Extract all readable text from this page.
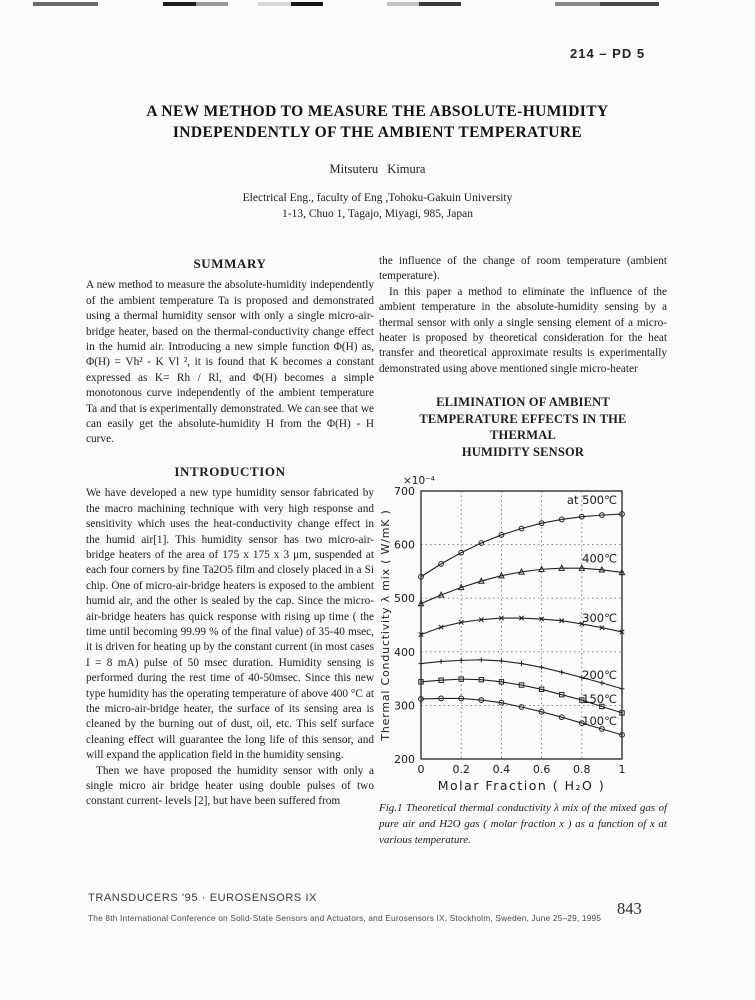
214 – PD 5
A NEW METHOD TO MEASURE THE ABSOLUTE-HUMIDITY
INDEPENDENTLY OF THE AMBIENT TEMPERATURE
Mitsuteru Kimura
Electrical Eng., faculty of Eng ,Tohoku-Gakuin University
1-13, Chuo 1, Tagajo, Miyagi, 985, Japan
SUMMARY

A new method to measure the absolute-humidity independently of the ambient temperature Ta is proposed and demonstrated using a thermal humidity sensor with only a single micro-air- bridge heater, based on the thermal-conductivity change effect in the humid air. Introducing a new simple function Φ(H) as, Φ(H) = Vh² - K Vl ², it is found that K becomes a constant expressed as K= Rh / Rl, and Φ(H) becomes a simple monotonous curve independently of the ambient temperature Ta and that is experimentally demonstrated. We can see that we can easily get the absolute-humidity H from the Φ(H) - H curve.

INTRODUCTION

We have developed a new type humidity sensor fabricated by the macro machining technique with very high response and sensitivity which uses the heat-conductivity change effect in the humid air[1]. This humidity sensor has two micro-air-bridge heaters of the area of 175 x 175 x 3 μm, suspended at each four corners by fine Ta2O5 film and closely placed in a Si chip. One of micro-air-bridge heaters is exposed to the ambient humid air, and the other is sealed by the cap. Since the micro-air-bridge heaters has quick response with rising up time ( the time until becoming 99.99 % of the final value) of 35-40 msec, it is driven for heating up by the constant current (in most cases I = 8 mA) pulse of 50 msec duration. Humidity sensing is performed during the rest time of 40-50msec. Since this new type humidity has the operating temperature of above 400 °C at the micro-air-bridge heater, the surface of its sensing area is cleaned by the burning out of dust, oil, etc. This self surface cleaning effect will guarantee the long life of this sensor, and will expand the application field in the humidity sensing.

Then we have proposed the humidity sensor with only a single micro air bridge heater using double pulses of two constant current- levels [2], but have been suffered from

the influence of the change of room temperature (ambient temperature).

In this paper a method to eliminate the influence of the ambient temperature in the absolute-humidity sensing by a thermal sensor with only a single sensing element of a micro-heater is proposed by theoretical consideration for the heat transfer and theoretical approximate results is experimentally demonstrated using above mentioned single micro-heater

ELIMINATION OF AMBIENT
TEMPERATURE EFFECTS IN THE THERMAL
HUMIDITY SENSOR
200
300
400
500
600
700
0	0.2 0.4 0.6 0.8	1
×10⁻⁴
Molar Fraction ( H₂O )
Thermal Conductivity λ mix ( W/mK )
at 500℃
400℃
300℃
200℃
150℃
100℃

Fig.1 Theoretical thermal conductivity λ mix of the mixed gas of pure air and H2O gas ( molar fraction x ) as a function of x at various temperature.

TRANSDUCERS '95 · EUROSENSORS IX
The 8th International Conference on Solid-State Sensors and Actuators, and Eurosensors IX, Stockholm, Sweden, June 25–29, 1995 843
